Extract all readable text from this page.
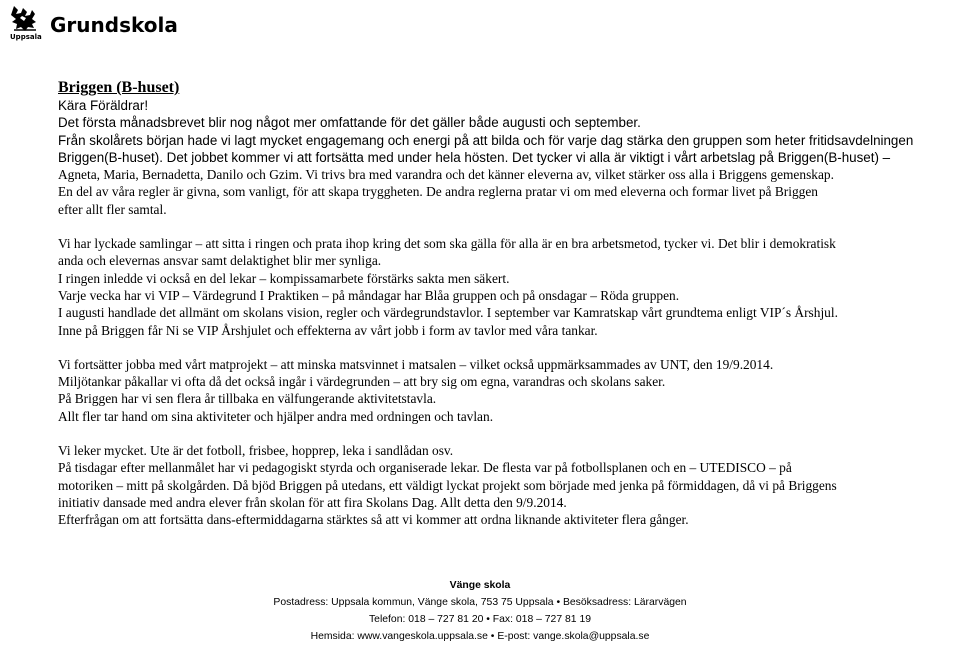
Uppsala Grundskola
Briggen (B-huset)

Kära Föräldrar!

Det första månadsbrevet blir nog något mer omfattande för det gäller både augusti och september.

Från skolårets början hade vi lagt mycket engagemang och energi på att bilda och för varje dag stärka den gruppen som heter fritidsavdelningen

Briggen(B-huset). Det jobbet kommer vi att fortsätta med under hela hösten. Det tycker vi alla är viktigt i vårt arbetslag på Briggen(B-huset) –

Agneta, Maria, Bernadetta, Danilo och Gzim. Vi trivs bra med varandra och det känner eleverna av, vilket stärker oss alla i Briggens gemenskap.

En del av våra regler är givna, som vanligt, för att skapa tryggheten. De andra reglerna pratar vi om med eleverna och formar livet på Briggen

efter allt fler samtal.

Vi har lyckade samlingar – att sitta i ringen och prata ihop kring det som ska gälla för alla är en bra arbetsmetod, tycker vi. Det blir i demokratisk

anda och elevernas ansvar samt delaktighet blir mer synliga.

I ringen inledde vi också en del lekar – kompissamarbete förstärks sakta men säkert.

Varje vecka har vi VIP – Värdegrund I Praktiken – på måndagar har Blåa gruppen och på onsdagar – Röda gruppen.

I augusti handlade det allmänt om skolans vision, regler och värdegrundstavlor. I september var Kamratskap vårt grundtema enligt VIP´s Årshjul.

Inne på Briggen får Ni se VIP Årshjulet och effekterna av vårt jobb i form av tavlor med våra tankar.

Vi fortsätter jobba med vårt matprojekt – att minska matsvinnet i matsalen – vilket också uppmärksammades av UNT, den 19/9.2014.

Miljötankar påkallar vi ofta då det också ingår i värdegrunden – att bry sig om egna, varandras och skolans saker.

På Briggen har vi sen flera år tillbaka en välfungerande aktivitetstavla.

Allt fler tar hand om sina aktiviteter och hjälper andra med ordningen och tavlan.

Vi leker mycket. Ute är det fotboll, frisbee, hopprep, leka i sandlådan osv.

På tisdagar efter mellanmålet har vi pedagogiskt styrda och organiserade lekar. De flesta var på fotbollsplanen och en – UTEDISCO – på

motoriken – mitt på skolgården. Då bjöd Briggen på utedans, ett väldigt lyckat projekt som började med jenka på förmiddagen, då vi på Briggens

initiativ dansade med andra elever från skolan för att fira Skolans Dag. Allt detta den 9/9.2014.

Efterfrågan om att fortsätta dans-eftermiddagarna stärktes så att vi kommer att ordna liknande aktiviteter flera gånger.

Vänge skola
Postadress: Uppsala kommun, Vänge skola, 753 75 Uppsala • Besöksadress: Lärarvägen
Telefon: 018 – 727 81 20 • Fax: 018 – 727 81 19
Hemsida: www.vangeskola.uppsala.se • E-post: vange.skola@uppsala.se
